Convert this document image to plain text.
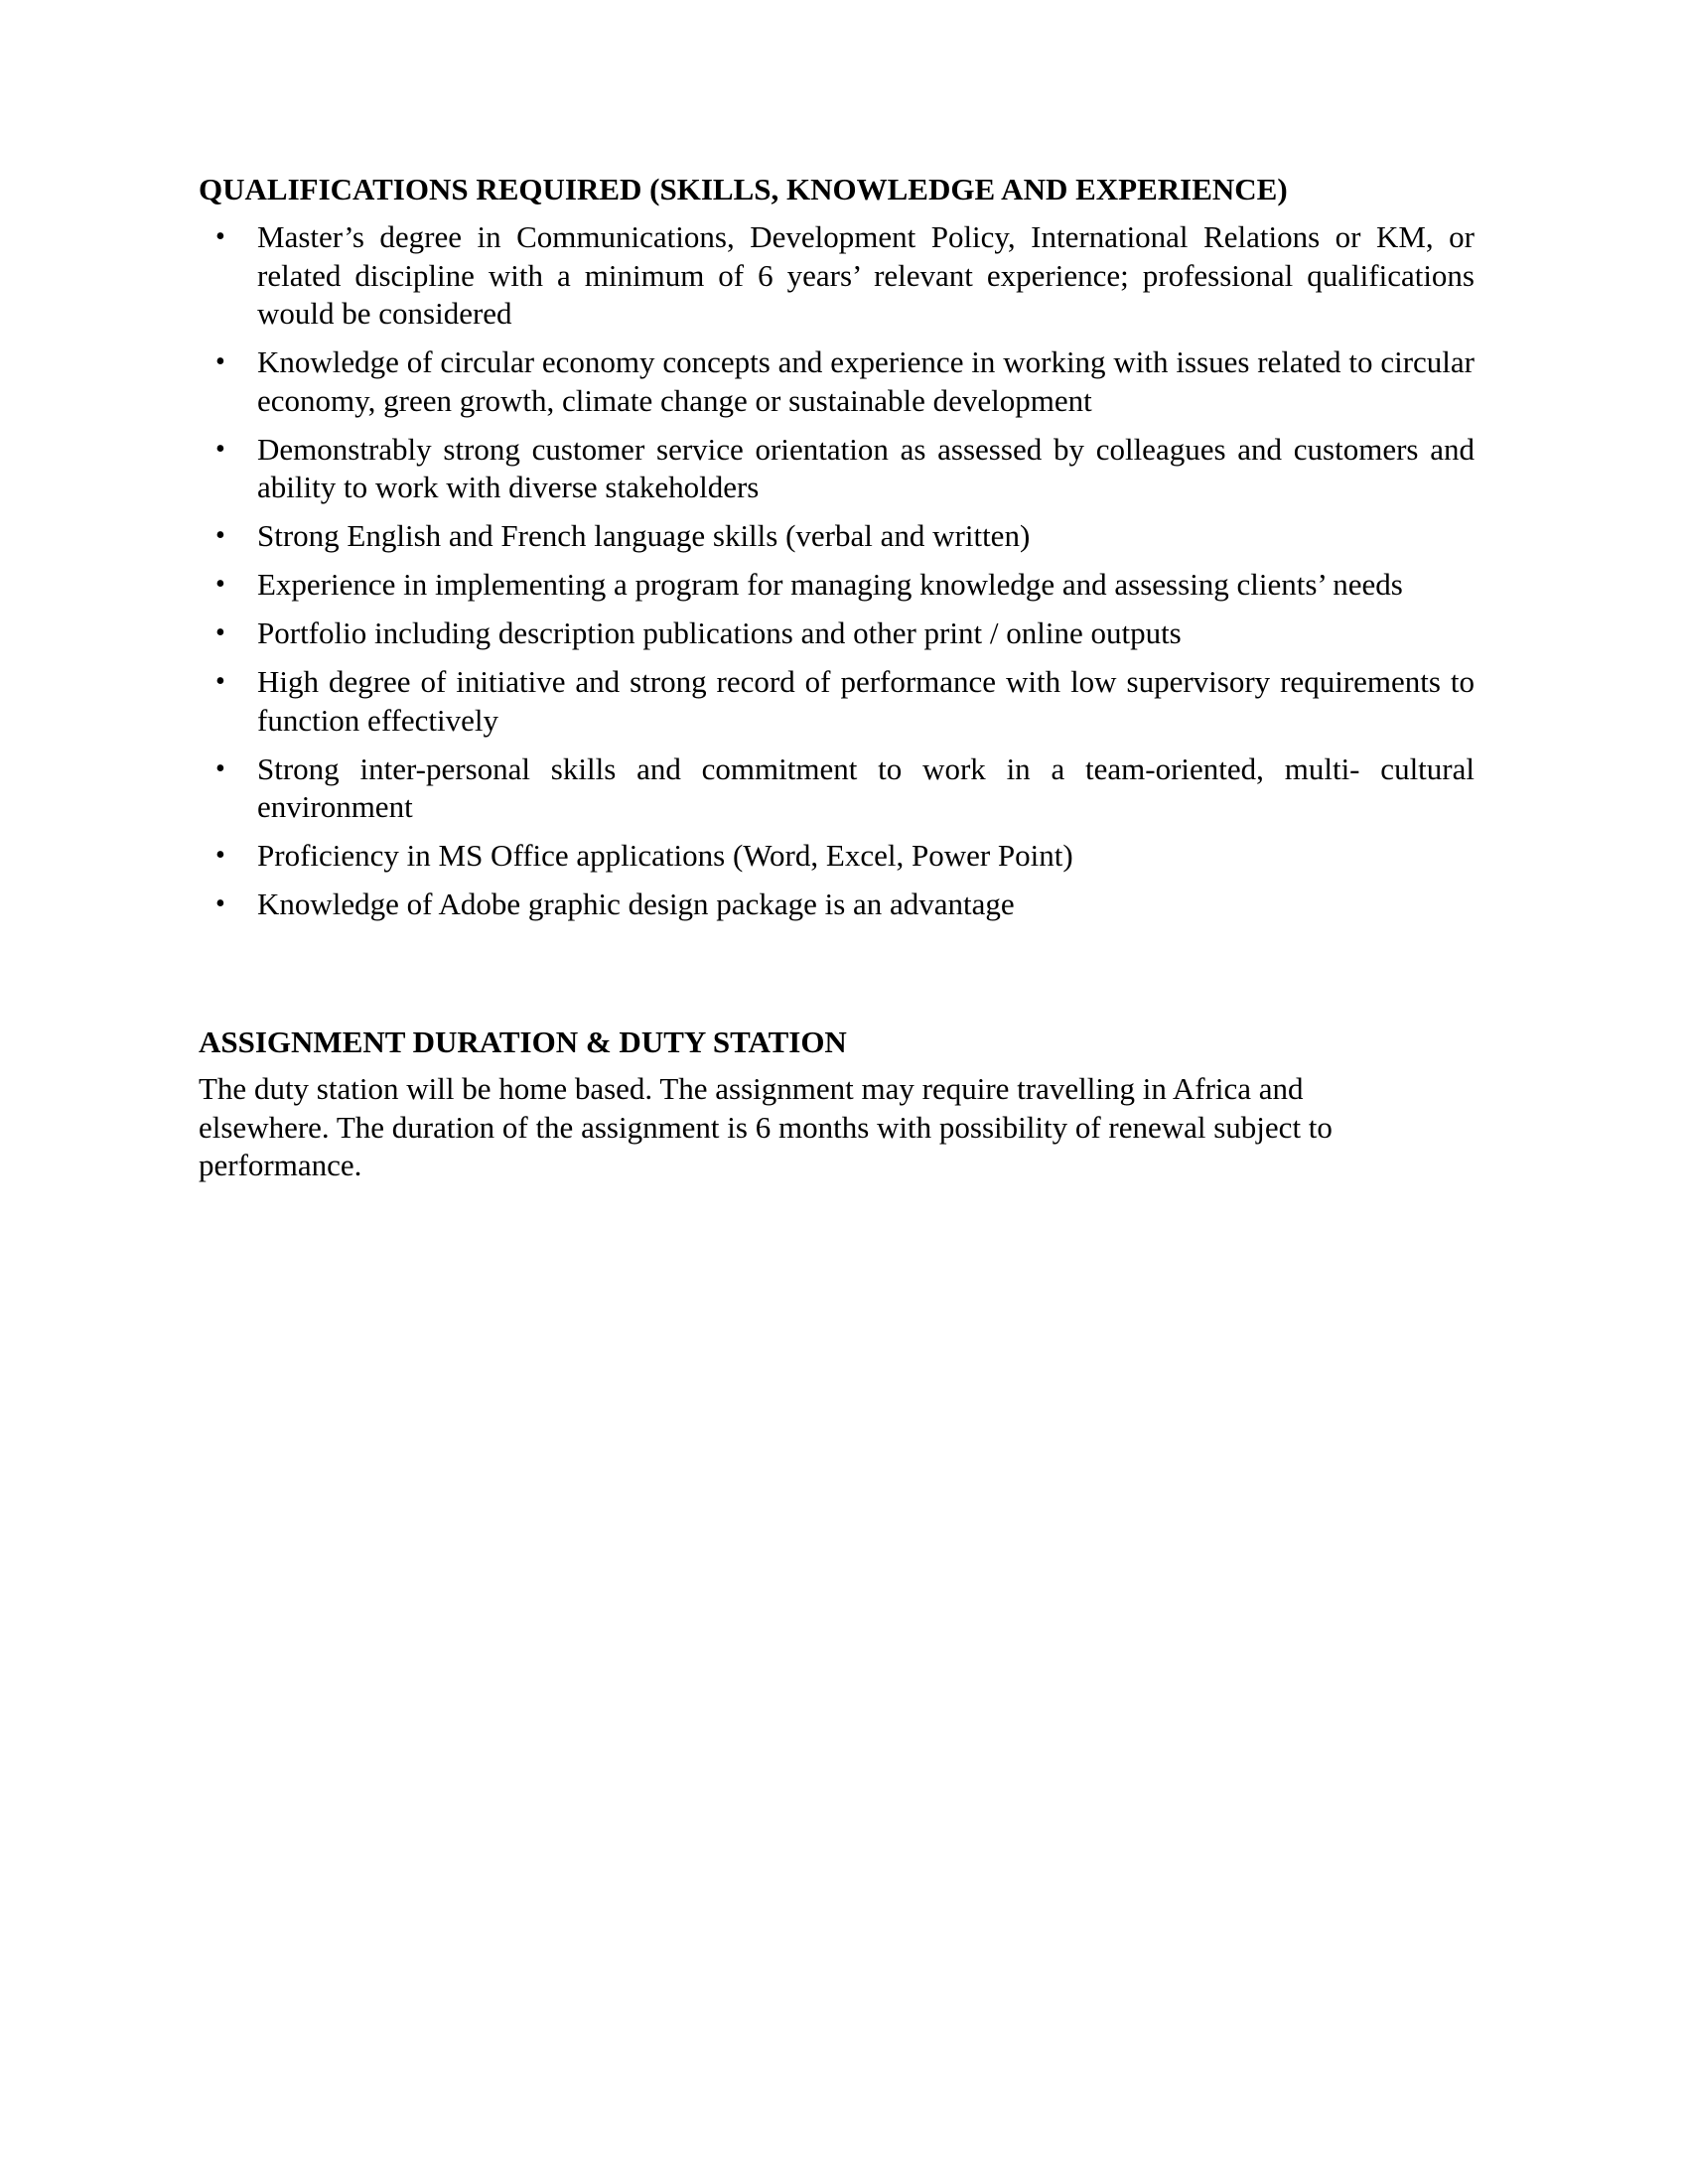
QUALIFICATIONS REQUIRED (SKILLS, KNOWLEDGE AND EXPERIENCE)
• Master’s degree in Communications, Development Policy, International Relations or KM, or related discipline with a minimum of 6 years’ relevant experience; professional qualifications would be considered
• Knowledge of circular economy concepts and experience in working with issues related to circular economy, green growth, climate change or sustainable development
• Demonstrably strong customer service orientation as assessed by colleagues and customers and ability to work with diverse stakeholders
• Strong English and French language skills (verbal and written)
• Experience in implementing a program for managing knowledge and assessing clients’ needs
• Portfolio including description publications and other print / online outputs
• High degree of initiative and strong record of performance with low supervisory requirements to function effectively
• Strong inter-personal skills and commitment to work in a team-oriented, multi- cultural environment
• Proficiency in MS Office applications (Word, Excel, Power Point)
• Knowledge of Adobe graphic design package is an advantage
ASSIGNMENT DURATION & DUTY STATION

The duty station will be home based. The assignment may require travelling in Africa and elsewhere. The duration of the assignment is 6 months with possibility of renewal subject to performance.
